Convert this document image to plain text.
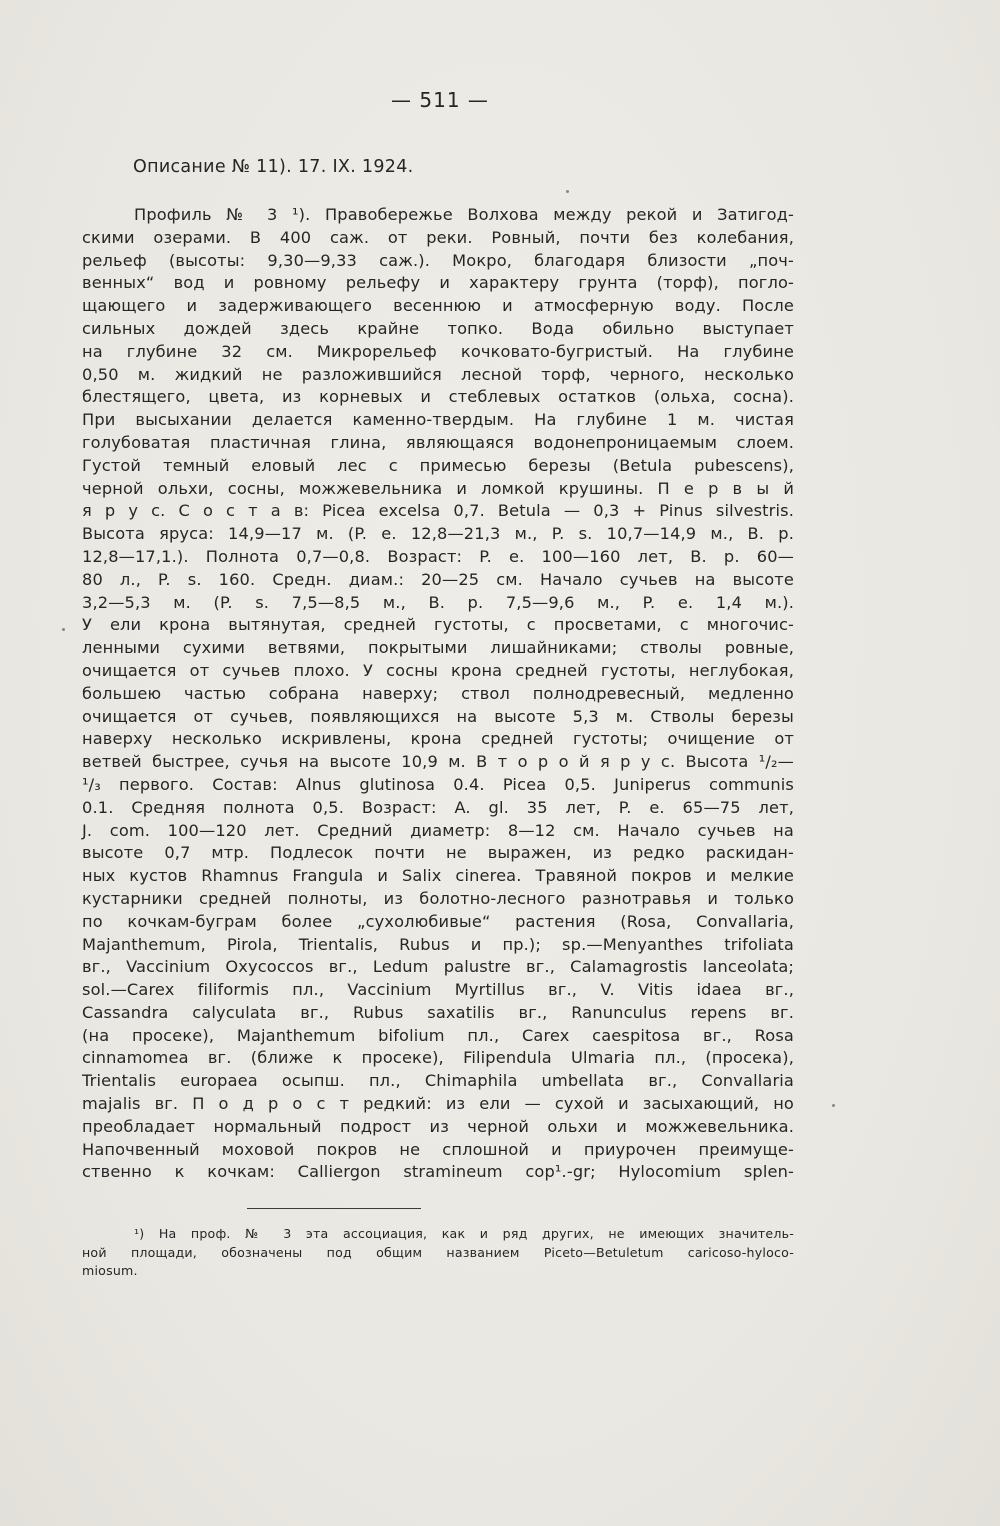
— 511 —
Описание № 11). 17. IX. 1924.
Профиль № 3 ¹). Правобережье Волхова между рекой и Затигод-
скими озерами. В 400 саж. от реки. Ровный, почти без колебания,
рельеф (высоты: 9,30—9,33 саж.). Мокро, благодаря близости „поч-
венных“ вод и ровному рельефу и характеру грунта (торф), погло-
щающего и задерживающего весеннюю и атмосферную воду. После
сильных дождей здесь крайне топко. Вода обильно выступает
на глубине 32 см. Микрорельеф кочковато-бугристый. На глубине
0,50 м. жидкий не разложившийся лесной торф, черного, несколько
блестящего, цвета, из корневых и стеблевых остатков (ольха, сосна).
При высыхании делается каменно-твердым. На глубине 1 м. чистая
голубоватая пластичная глина, являющаяся водонепроницаемым слоем.
Густой темный еловый лес с примесью березы (Betula pubescens),
черной ольхи, сосны, можжевельника и ломкой крушины. П е р в ы й
я р у с. С о с т а в: Picea excelsa 0,7. Betula — 0,3 + Pinus silvestris.
Высота яруса: 14,9—17 м. (P. e. 12,8—21,3 м., P. s. 10,7—14,9 м., B. p.
12,8—17,1.). Полнота 0,7—0,8. Возраст: P. e. 100—160 лет, B. p. 60—
80 л., P. s. 160. Средн. диам.: 20—25 см. Начало сучьев на высоте
3,2—5,3 м. (P. s. 7,5—8,5 м., B. p. 7,5—9,6 м., P. e. 1,4 м.).
У ели крона вытянутая, средней густоты, с просветами, с многочис-
ленными сухими ветвями, покрытыми лишайниками; стволы ровные,
очищается от сучьев плохо. У сосны крона средней густоты, неглубокая,
большею частью собрана наверху; ствол полнодревесный, медленно
очищается от сучьев, появляющихся на высоте 5,3 м. Стволы березы
наверху несколько искривлены, крона средней густоты; очищение от
ветвей быстрее, сучья на высоте 10,9 м. В т о р о й я р у с. Высота ¹/₂—
¹/₃ первого. Состав: Alnus glutinosa 0.4. Picea 0,5. Juniperus communis
0.1. Средняя полнота 0,5. Возраст: A. gl. 35 лет, P. e. 65—75 лет,
J. com. 100—120 лет. Средний диаметр: 8—12 см. Начало сучьев на
высоте 0,7 мтр. Подлесок почти не выражен, из редко раскидан-
ных кустов Rhamnus Frangula и Salix cinerea. Травяной покров и мелкие
кустарники средней полноты, из болотно-лесного разнотравья и только
по кочкам-буграм более „сухолюбивые“ растения (Rosa, Convallaria,
Majanthemum, Pirola, Trientalis, Rubus и пр.); sp.—Menyanthes trifoliata
вг., Vaccinium Oxycoccos вг., Ledum palustre вг., Calamagrostis lanceolata;
sol.—Carex filiformis пл., Vaccinium Myrtillus вг., V. Vitis idaea вг.,
Cassandra calyculata вг., Rubus saxatilis вг., Ranunculus repens вг.
(на просеке), Majanthemum bifolium пл., Carex caespitosa вг., Rosa
cinnamomea вг. (ближе к просеке), Filipendula Ulmaria пл., (просека),
Trientalis europaea осыпш. пл., Chimaphila umbellata вг., Convallaria
majalis вг. П о д р о с т редкий: из ели — сухой и засыхающий, но
преобладает нормальный подрост из черной ольхи и можжевельника.
Напочвенный моховой покров не сплошной и приурочен преимуще-
ственно к кочкам: Calliergon stramineum cop¹.-gr; Hylocomium splen-
¹) На проф. № 3 эта ассоциация, как и ряд других, не имеющих значитель-
ной площади, обозначены под общим названием Piceto—Betuletum caricoso-hyloco-
miosum.
